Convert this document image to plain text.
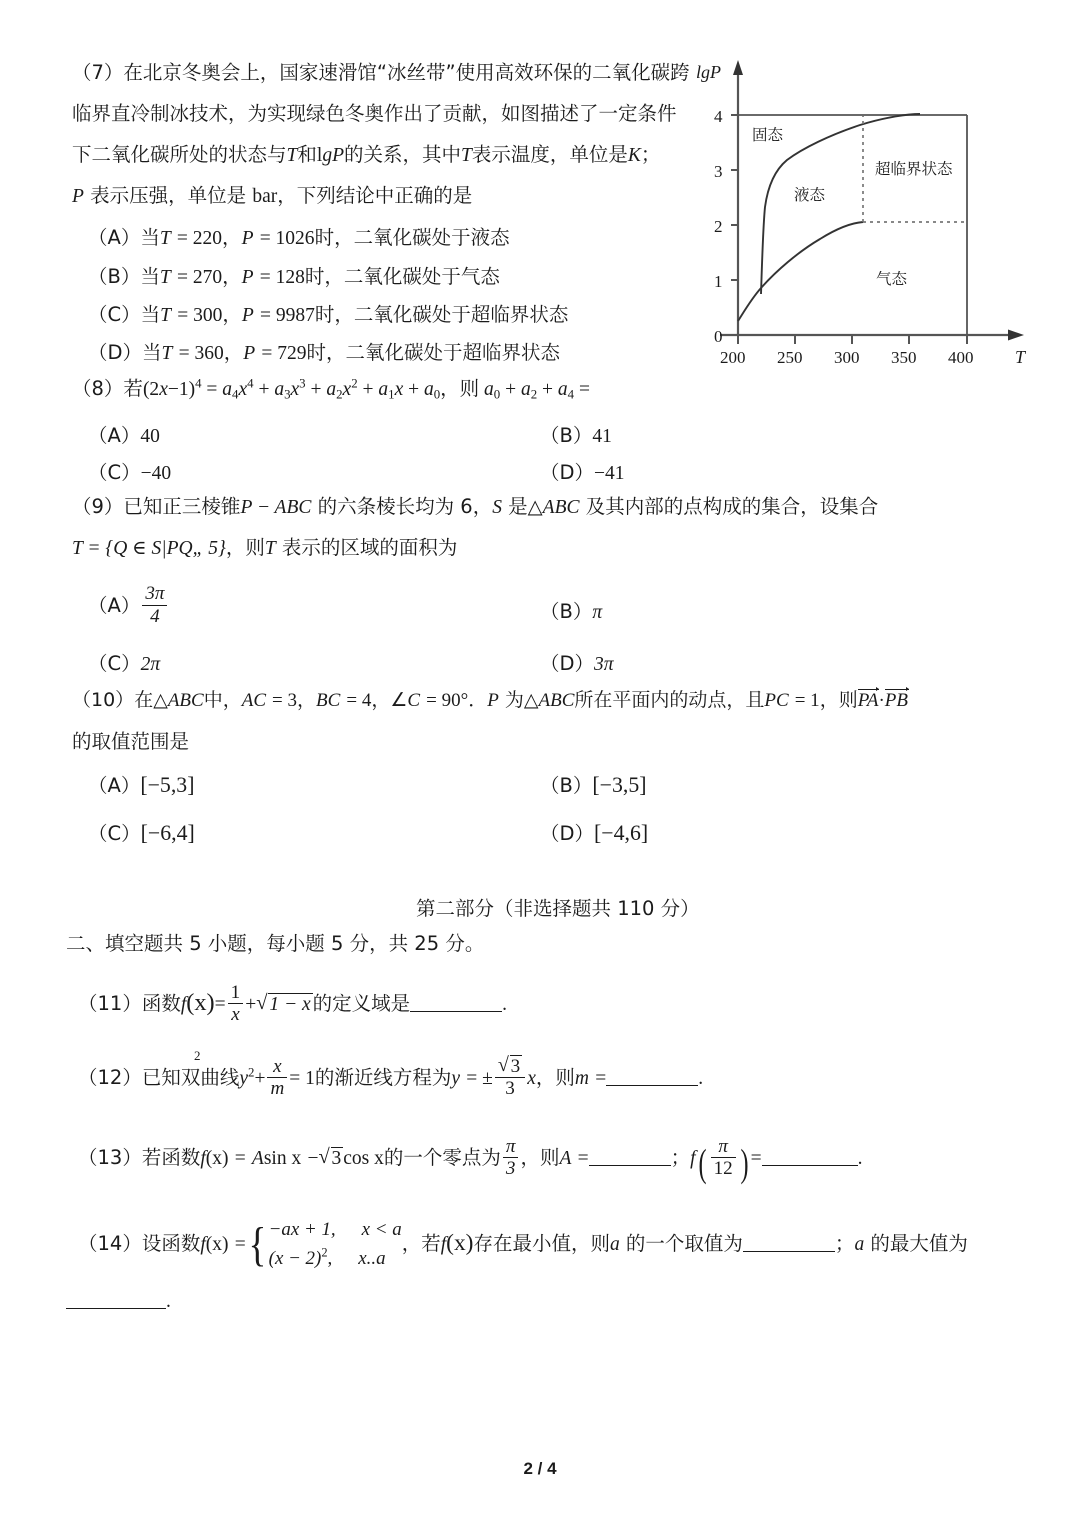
（7）在北京冬奥会上，国家速滑馆“冰丝带”使用高效环保的二氧化碳跨
临界直冷制冰技术，为实现绿色冬奥作出了贡献，如图描述了一定条件
下二氧化碳所处的状态与T和lgP的关系，其中T表示温度，单位是K；
P 表示压强，单位是 bar，下列结论中正确的是
（A）当T = 220，P = 1026时，二氧化碳处于液态
（B）当T = 270，P = 128时，二氧化碳处于气态
（C）当T = 300，P = 9987时，二氧化碳处于超临界状态
（D）当T = 360，P = 729时，二氧化碳处于超临界状态
4
3
2
1
0
200 250 300 350 400
lgP
T
固态
液态
超临界状态
气态
（8）若$(2x-1)^4 = a_4x^4 + a_3x^3 + a_2x^2 + a_1x + a_0$，则 $a_0 + a_2 + a_4$ =
（A）40	（B）41
（C）−40	（D）−41
（9）已知正三棱锥P − ABC 的六条棱长均为 6，S 是△ABC 及其内部的点构成的集合，设集合
T = {Q ∈ S|PQ„ 5}，则T 表示的区域的面积为
$(A) \frac{3\pi}{4}$	（B）π
（C）2π	（D）3π
（10）在△ABC中，AC = 3，BC = 4，∠C = 90°．P 为△ABC所在平面内的动点，且PC = 1，则PA·PB
的取值范围是
（A）[−5,3]	（B）[−3,5]
（C）[−6,4]	（D）[−4,6]
第二部分（非选择题共 110 分）
二、填空题共 5 小题，每小题 5 分，共 25 分。
（11）函数$f(x)= \frac{1}{x}$ + √ 1 − x 的定义域是	.
（12）已知双曲线$y^2+ \frac{x}{m} = 1$的渐近线方程为y = ± √ $\frac{3}{3}$ x，则m =	.
2
（13）若函数f(x) = Asin x − √ 3 cos x的一个零点为 $\frac{\pi}{3}$ ，则A =	；$f( \frac{\pi}{12}$ ) =	.
（14）设函数f(x) ={ −ax + 1, x < a
$(x - 2)^2$, x..a
，若f(x)存在最小值，则a 的一个取值为	；a 的最大值为
.
2 / 4
